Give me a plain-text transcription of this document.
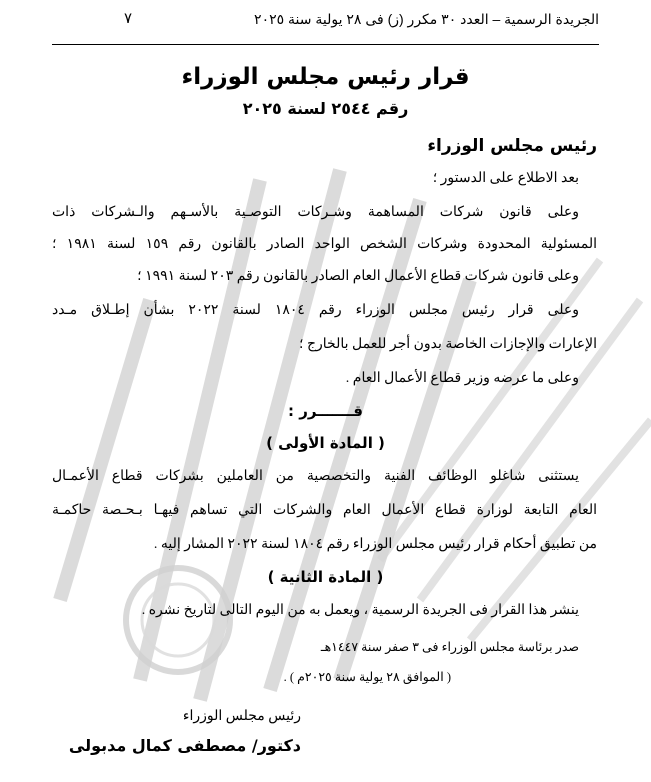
الجريدة الرسمية – العدد ٣٠ مكرر (ز) فى ٢٨ يولية سنة ٢٠٢٥
٧
قرار رئيس مجلس الوزراء
رقم ٢٥٤٤ لسنة ٢٠٢٥
رئيس مجلس الوزراء
بعد الاطلاع على الدستور ؛
وعلى قانون شركات المساهمة وشـركات التوصـية بالأسـهم والـشركات ذات
المسئولية المحدودة وشركات الشخص الواحد الصادر بالقانون رقم ١٥٩ لسنة ١٩٨١ ؛
وعلى قانون شركات قطاع الأعمال العام الصادر بالقانون رقم ٢٠٣ لسنة ١٩٩١ ؛
وعلى قرار رئيس مجلس الوزراء رقم ١٨٠٤ لسنة ٢٠٢٢ بشأن إطـلاق مـدد
الإعارات والإجازات الخاصة بدون أجر للعمل بالخارج ؛
وعلى ما عرضه وزير قطاع الأعمال العام .
قـــــــرر :
( المادة الأولى )
يستثنى شاغلو الوظائف الفنية والتخصصية من العاملين بشركات قطاع الأعمـال
العام التابعة لوزارة قطاع الأعمال العام والشركات التي تساهم فيهـا بـحـصة حاكمـة
من تطبيق أحكام قرار رئيس مجلس الوزراء رقم ١٨٠٤ لسنة ٢٠٢٢ المشار إليه .
( المادة الثانية )
ينشر هذا القرار فى الجريدة الرسمية ، ويعمل به من اليوم التالى لتاريخ نشره .
صدر برئاسة مجلس الوزراء فى ٣ صفر سنة ١٤٤٧هـ
( الموافق ٢٨ يولية سنة ٢٠٢٥م ) .
رئيس مجلس الوزراء
دكتور/ مصطفى كمال مدبولى
